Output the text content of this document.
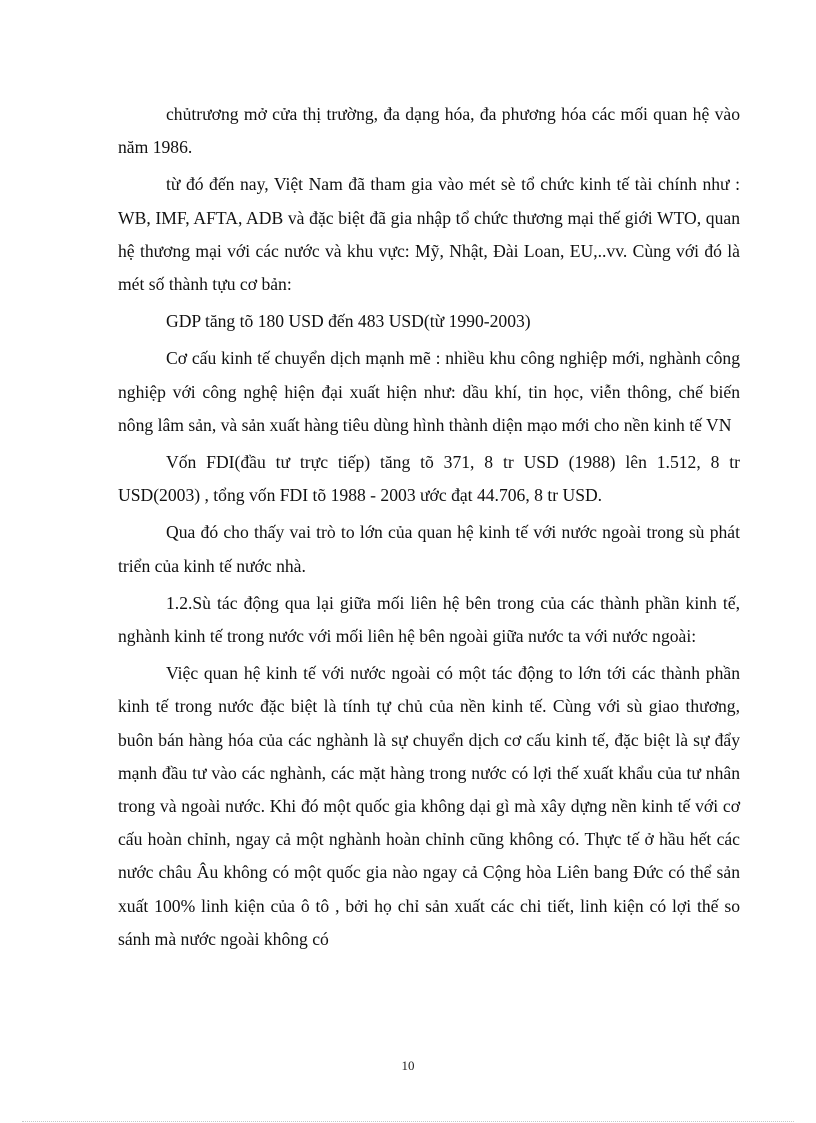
chủtrương mở cửa thị trường, đa dạng hóa, đa phương hóa các mối quan hệ vào năm 1986.

từ đó đến nay, Việt Nam đã tham gia vào mét sè tổ chức kinh tế tài chính như : WB, IMF, AFTA, ADB và đặc biệt đã gia nhập tổ chức thương mại thế giới WTO, quan hệ thương mại với các nước và khu vực: Mỹ, Nhật, Đài Loan, EU,..vv. Cùng với đó là mét số thành tựu cơ bản:

GDP tăng tõ 180 USD đến 483 USD(từ 1990-2003)

Cơ cấu kinh tế chuyển dịch mạnh mẽ : nhiều khu công nghiệp mới, nghành công nghiệp với công nghệ hiện đại xuất hiện như: dầu khí, tin học, viễn thông, chế biến nông lâm sản, và sản xuất hàng tiêu dùng hình thành diện mạo mới cho nền kinh tế VN

Vốn FDI(đầu tư trực tiếp) tăng tõ 371, 8 tr USD (1988) lên 1.512, 8 tr USD(2003) , tổng vốn FDI tõ 1988 - 2003 ước đạt 44.706, 8 tr USD.

Qua đó cho thấy vai trò to lớn của quan hệ kinh tế với nước ngoài trong sù phát triển của kinh tế nước nhà.

1.2.Sù tác động qua lại giữa mối liên hệ bên trong của các thành phần kinh tế, nghành kinh tế trong nước với mối liên hệ bên ngoài giữa nước ta với nước ngoài:

Việc quan hệ kinh tế với nước ngoài có một tác động to lớn tới các thành phần kinh tế trong nước đặc biệt là tính tự chủ của nền kinh tế. Cùng với sù giao thương, buôn bán hàng hóa của các nghành là sự chuyển dịch cơ cấu kinh tế, đặc biệt là sự đẩy mạnh đầu tư vào các nghành, các mặt hàng trong nước có lợi thế xuất khẩu của tư nhân trong và ngoài nước. Khi đó một quốc gia không dại gì mà xây dựng nền kinh tế với cơ cấu hoàn chỉnh, ngay cả một nghành hoàn chỉnh cũng không có. Thực tế ở hầu hết các nước châu Âu không có một quốc gia nào ngay cả Cộng hòa Liên bang Đức có thể sản xuất 100% linh kiện của ô tô , bởi họ chỉ sản xuất các chi tiết, linh kiện có lợi thế so sánh mà nước ngoài không có

10
